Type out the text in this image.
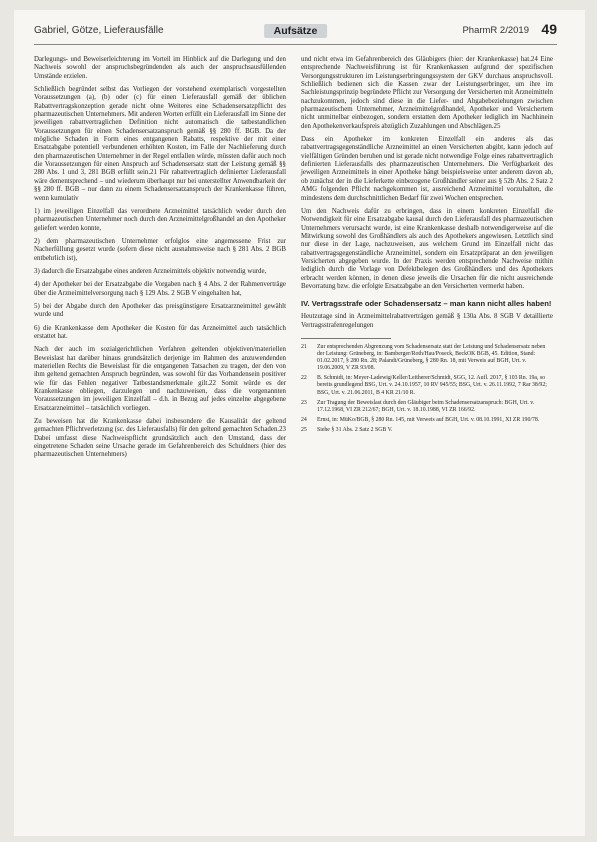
Gabriel, Götze, Lieferausfälle	Aufsätze	PharmR 2/2019 49

Darlegungs- und Beweiserleichterung im Vorteil im Hinblick auf die Darlegung und den Nachweis sowohl der anspruchsbegründenden als auch der anspruchsausfüllenden Umstände erzielen.

Schließlich begründet selbst das Vorliegen der vorstehend exemplarisch vorgestellten Voraussetzungen (a), (b) oder (c) für einen Lieferausfall gemäß der üblichen Rabattvertragskonzeption gerade nicht ohne Weiteres eine Schadensersatzpflicht des pharmazeutischen Unternehmers. Mit anderen Worten erfüllt ein Lieferausfall im Sinne der jeweiligen rabattvertraglichen Definition nicht automatisch die tatbestandlichen Voraussetzungen für einen Schadensersatzanspruch gemäß §§ 280 ff. BGB. Da der mögliche Schaden in Form eines entgangenen Rabatts, respektive der mit einer Ersatzabgabe potentiell verbundenen erhöhten Kosten, im Falle der Nachlieferung durch den pharmazeutischen Unternehmer in der Regel entfallen würde, müssten dafür auch noch die Voraussetzungen für einen Anspruch auf Schadensersatz statt der Leistung gemäß §§ 280 Abs. 1 und 3, 281 BGB erfüllt sein.21 Für rabattvertraglich definierter Lieferausfall wäre dementsprechend – und wiederum überhaupt nur bei unterstellter Anwendbarkeit der §§ 280 ff. BGB – nur dann zu einem Schadensersatzanspruch der Krankenkasse führen, wenn kumulativ

1) im jeweiligen Einzelfall das verordnete Arzneimittel tatsächlich weder durch den pharmazeutischen Unternehmer noch durch den Arzneimittelgroßhandel an den Apotheker geliefert werden konnte,

2) dem pharmazeutischen Unternehmer erfolglos eine angemessene Frist zur Nacherfüllung gesetzt wurde (sofern diese nicht ausnahmsweise nach § 281 Abs. 2 BGB entbehrlich ist),

3) dadurch die Ersatzabgabe eines anderen Arzneimittels objektiv notwendig wurde,

4) der Apotheker bei der Ersatzabgabe die Vorgaben nach § 4 Abs. 2 der Rahmenverträge über die Arzneimittelversorgung nach § 129 Abs. 2 SGB V eingehalten hat,

5) bei der Abgabe durch den Apotheker das preisgünstigere Ersatzarzneimittel gewählt wurde und

6) die Krankenkasse dem Apotheker die Kosten für das Arzneimittel auch tatsächlich erstattet hat.

Nach der auch im sozialgerichtlichen Verfahren geltenden objektiven/materiellen Beweislast hat darüber hinaus grundsätzlich derjenige im Rahmen des anzuwendenden materiellen Rechts die Beweislast für die entgangenen Tatsachen zu tragen, der den von ihm geltend gemachten Anspruch begründen, was sowohl für das Vorhandensein positiver wie für das Fehlen negativer Tatbestandsmerkmale gilt.22 Somit würde es der Krankenkasse obliegen, darzulegen und nachzuweisen, dass die vorgenannten Voraussetzungen im jeweiligen Einzelfall – d.h. in Bezug auf jedes einzelne abgegebene Ersatzarzneimittel – tatsächlich vorliegen.

Zu beweisen hat die Krankenkasse dabei insbesondere die Kausalität der geltend gemachten Pflichtverletzung (sc. des Lieferausfalls) für den geltend gemachten Schaden.23 Dabei umfasst diese Nachweispflicht grundsätzlich auch den Umstand, dass der eingetretene Schaden seine Ursache gerade im Gefahrenbereich des Schuldners (hier des pharmazeutischen Unternehmers)

und nicht etwa im Gefahrenbereich des Gläubigers (hier: der Krankenkasse) hat.24 Eine entsprechende Nachweisführung ist für Krankenkassen aufgrund der spezifischen Versorgungsstrukturen im Leistungserbringungssystem der GKV durchaus anspruchsvoll. Schließlich bedienen sich die Kassen zwar der Leistungserbringer, um ihre im Sachleistungsprinzip begründete Pflicht zur Versorgung der Versicherten mit Arzneimitteln nachzukommen, jedoch sind diese in die Liefer- und Abgabebeziehungen zwischen pharmazeutischem Unternehmer, Arzneimittelgroßhandel, Apotheker und Versichertem nicht unmittelbar einbezogen, sondern erstatten dem Apotheker lediglich im Nachhinein den Apothekenverkaufspreis abzüglich Zuzahlungen und Abschlägen.25

Dass ein Apotheker im konkreten Einzelfall ein anderes als das rabattvertragsgegenständliche Arzneimittel an einen Versicherten abgibt, kann jedoch auf vielfältigen Gründen beruhen und ist gerade nicht notwendige Folge eines rabattvertraglich definierten Lieferausfalls des pharmazeutischen Unternehmers. Die Verfügbarkeit des jeweiligen Arzneimittels in einer Apotheke hängt beispielsweise unter anderem davon ab, ob zunächst der in die Lieferkette einbezogene Großhändler seiner aus § 52b Abs. 2 Satz 2 AMG folgenden Pflicht nachgekommen ist, ausreichend Arzneimittel vorzuhalten, die mindestens dem durchschnittlichen Bedarf für zwei Wochen entsprechen.

Um den Nachweis dafür zu erbringen, dass in einem konkreten Einzelfall die Notwendigkeit für eine Ersatzabgabe kausal durch den Lieferausfall des pharmazeutischen Unternehmers verursacht wurde, ist eine Krankenkasse deshalb notwendigerweise auf die Mitwirkung sowohl des Großhändlers als auch des Apothekers angewiesen. Letztlich sind nur diese in der Lage, nachzuweisen, aus welchem Grund im Einzelfall nicht das rabattvertragsgegenständliche Arzneimittel, sondern ein Ersatzpräparat an den jeweiligen Versicherten abgegeben wurde. In der Praxis werden entsprechende Nachweise mithin lediglich durch die Vorlage von Defektbelegen des Großhändlers und des Apothekers erbracht werden können, in denen diese jeweils die Ursachen für die nicht ausreichende Bevorratung bzw. die erfolgte Ersatzabgabe an den Versicherten vermerkt haben.

IV. Vertragsstrafe oder Schadensersatz – man kann nicht alles haben!

Heutzutage sind in Arzneimittelrabattverträgen gemäß § 130a Abs. 8 SGB V detaillierte Vertragsstrafenregelungen

21	Zur entsprechenden Abgrenzung vom Schadensersatz statt der Leistung und Schadensersatz neben der Leistung: Grüneberg, in: Bamberger/Roth/Hau/Poseck, BeckOK BGB, 45. Edition, Stand: 01.02.2017, § 280 Rn. 28; Palandt/Grüneberg, § 280 Rn. 18, mit Verweis auf BGH, Urt. v. 19.06.2009, V ZR 93/08.
22	B. Schmidt, in: Meyer-Ladewig/Keller/Leitherer/Schmidt, SGG, 12. Aufl. 2017, § 103 Rn. 19a, so bereits grundlegend BSG, Urt. v. 24.10.1957, 10 RV 945/55; BSG, Urt. v. 26.11.1992, 7 Rar 38/92; BSG, Urt. v. 21.06.2011, B 4 KR 21/10 R.
23	Zur Tragung der Beweislast durch den Gläubiger beim Schadensersatzanspruch: BGH, Urt. v. 17.12.1968, VI ZR 212/67; BGH, Urt. v. 18.10.1988, VI ZR 166/92.
24	Ernst, in: MüKo/BGB, § 280 Rn. 145, mit Verweis auf BGH, Urt. v. 08.10.1991, XI ZR 190/78.
25	Siehe § 31 Abs. 2 Satz 2 SGB V.
